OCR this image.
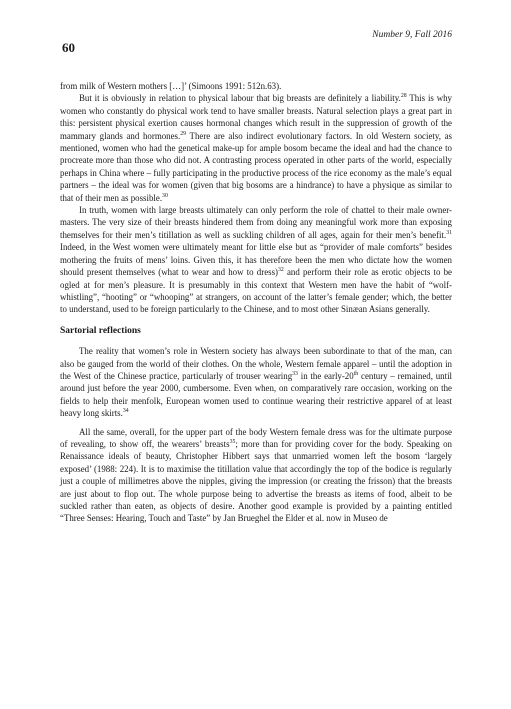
60
Number 9, Fall 2016

from milk of Western mothers […]’ (Simoons 1991: 512n.63).

But it is obviously in relation to physical labour that big breasts are definitely a liability.$^{28}$ This is why women who constantly do physical work tend to have smaller breasts. Natural selection plays a great part in this: persistent physical exertion causes hormonal changes which result in the suppression of growth of the mammary glands and hormones.$^{29}$ There are also indirect evolutionary factors. In old Western society, as mentioned, women who had the genetical make-up for ample bosom became the ideal and had the chance to procreate more than those who did not. A contrasting process operated in other parts of the world, especially perhaps in China where – fully participating in the productive process of the rice economy as the male’s equal partners – the ideal was for women (given that big bosoms are a hindrance) to have a physique as similar to that of their men as possible.$^{30}$

In truth, women with large breasts ultimately can only perform the role of chattel to their male owner-masters. The very size of their breasts hindered them from doing any meaningful work more than exposing themselves for their men’s titillation as well as suckling children of all ages, again for their men’s benefit.$^{31}$ Indeed, in the West women were ultimately meant for little else but as “provider of male comforts” besides mothering the fruits of mens’ loins. Given this, it has therefore been the men who dictate how the women should present themselves (what to wear and how to dress)$^{32}$ and perform their role as erotic objects to be ogled at for men’s pleasure. It is presumably in this context that Western men have the habit of “wolf-whistling”, “hooting” or “whooping” at strangers, on account of the latter’s female gender; which, the better to understand, used to be foreign particularly to the Chinese, and to most other Sinæan Asians generally.

Sartorial reflections

The reality that women’s role in Western society has always been subordinate to that of the man, can also be gauged from the world of their clothes. On the whole, Western female apparel – until the adoption in the West of the Chinese practice, particularly of trouser wearing$^{33}$ in the early-20th century – remained, until around just before the year 2000, cumbersome. Even when, on comparatively rare occasion, working on the fields to help their menfolk, European women used to continue wearing their restrictive apparel of at least heavy long skirts.$^{34}$

All the same, overall, for the upper part of the body Western female dress was for the ultimate purpose of revealing, to show off, the wearers’ breasts$^{35}$; more than for providing cover for the body. Speaking on Renaissance ideals of beauty, Christopher Hibbert says that unmarried women left the bosom ‘largely exposed’ (1988: 224). It is to maximise the titillation value that accordingly the top of the bodice is regularly just a couple of millimetres above the nipples, giving the impression (or creating the frisson) that the breasts are just about to flop out. The whole purpose being to advertise the breasts as items of food, albeit to be suckled rather than eaten, as objects of desire. Another good example is provided by a painting entitled “Three Senses: Hearing, Touch and Taste” by Jan Brueghel the Elder et al. now in Museo de
